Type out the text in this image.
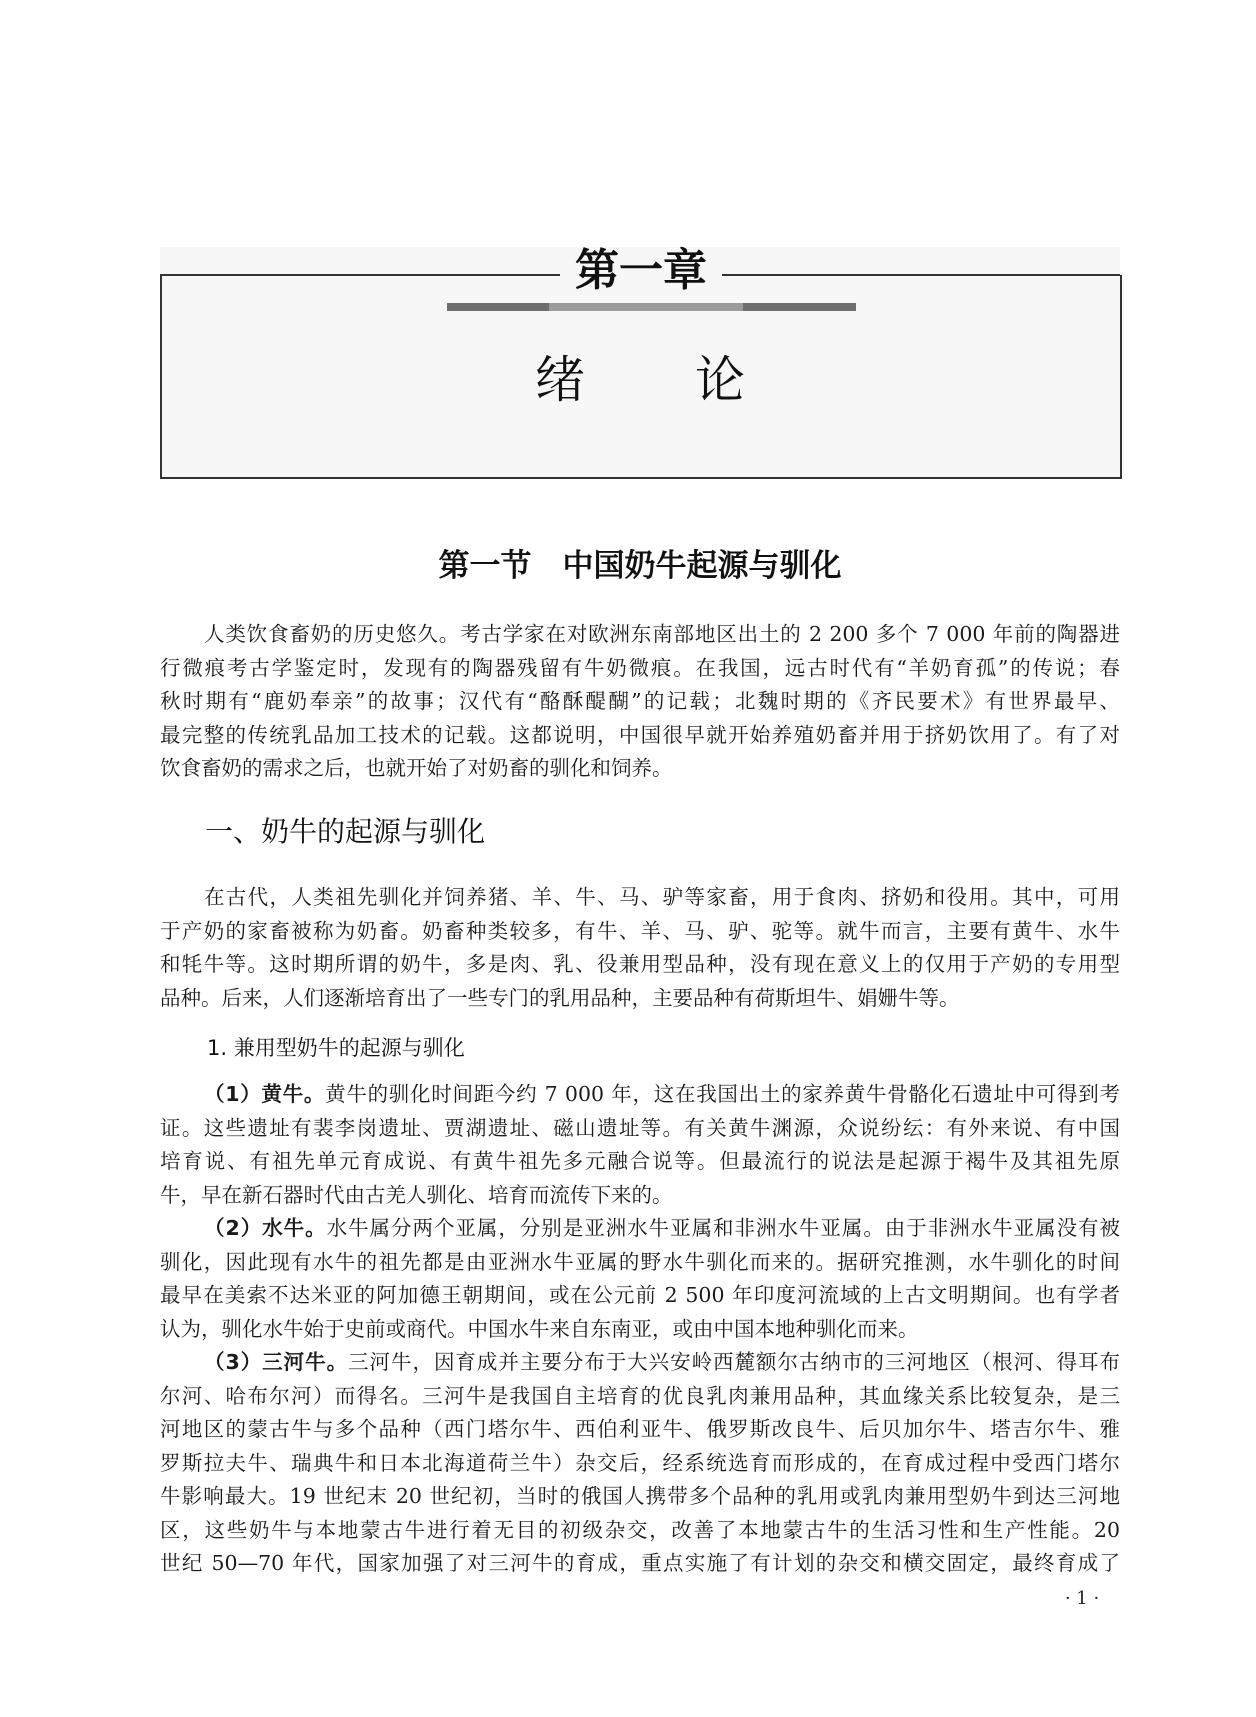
第一章
绪论
第一节　中国奶牛起源与驯化
人类饮食畜奶的历史悠久。考古学家在对欧洲东南部地区出土的 2 200 多个 7 000 年前的陶器进
行微痕考古学鉴定时，发现有的陶器残留有牛奶微痕。在我国，远古时代有“羊奶育孤”的传说；春
秋时期有“鹿奶奉亲”的故事；汉代有“酪酥醍醐”的记载；北魏时期的《齐民要术》有世界最早、
最完整的传统乳品加工技术的记载。这都说明，中国很早就开始养殖奶畜并用于挤奶饮用了。有了对
饮食畜奶的需求之后，也就开始了对奶畜的驯化和饲养。
一、奶牛的起源与驯化
在古代，人类祖先驯化并饲养猪、羊、牛、马、驴等家畜，用于食肉、挤奶和役用。其中，可用
于产奶的家畜被称为奶畜。奶畜种类较多，有牛、羊、马、驴、驼等。就牛而言，主要有黄牛、水牛
和牦牛等。这时期所谓的奶牛，多是肉、乳、役兼用型品种，没有现在意义上的仅用于产奶的专用型
品种。后来，人们逐渐培育出了一些专门的乳用品种，主要品种有荷斯坦牛、娟姗牛等。
1. 兼用型奶牛的起源与驯化
（1）黄牛。黄牛的驯化时间距今约 7 000 年，这在我国出土的家养黄牛骨骼化石遗址中可得到考
证。这些遗址有裴李岗遗址、贾湖遗址、磁山遗址等。有关黄牛渊源，众说纷纭：有外来说、有中国
培育说、有祖先单元育成说、有黄牛祖先多元融合说等。但最流行的说法是起源于褐牛及其祖先原
牛，早在新石器时代由古羌人驯化、培育而流传下来的。
（2）水牛。水牛属分两个亚属，分别是亚洲水牛亚属和非洲水牛亚属。由于非洲水牛亚属没有被
驯化，因此现有水牛的祖先都是由亚洲水牛亚属的野水牛驯化而来的。据研究推测，水牛驯化的时间
最早在美索不达米亚的阿加德王朝期间，或在公元前 2 500 年印度河流域的上古文明期间。也有学者
认为，驯化水牛始于史前或商代。中国水牛来自东南亚，或由中国本地种驯化而来。
（3）三河牛。三河牛，因育成并主要分布于大兴安岭西麓额尔古纳市的三河地区（根河、得耳布
尔河、哈布尔河）而得名。三河牛是我国自主培育的优良乳肉兼用品种，其血缘关系比较复杂，是三
河地区的蒙古牛与多个品种（西门塔尔牛、西伯利亚牛、俄罗斯改良牛、后贝加尔牛、塔吉尔牛、雅
罗斯拉夫牛、瑞典牛和日本北海道荷兰牛）杂交后，经系统选育而形成的，在育成过程中受西门塔尔
牛影响最大。19 世纪末 20 世纪初，当时的俄国人携带多个品种的乳用或乳肉兼用型奶牛到达三河地
区，这些奶牛与本地蒙古牛进行着无目的初级杂交，改善了本地蒙古牛的生活习性和生产性能。20
世纪 50—70 年代，国家加强了对三河牛的育成，重点实施了有计划的杂交和横交固定，最终育成了
· 1 ·
